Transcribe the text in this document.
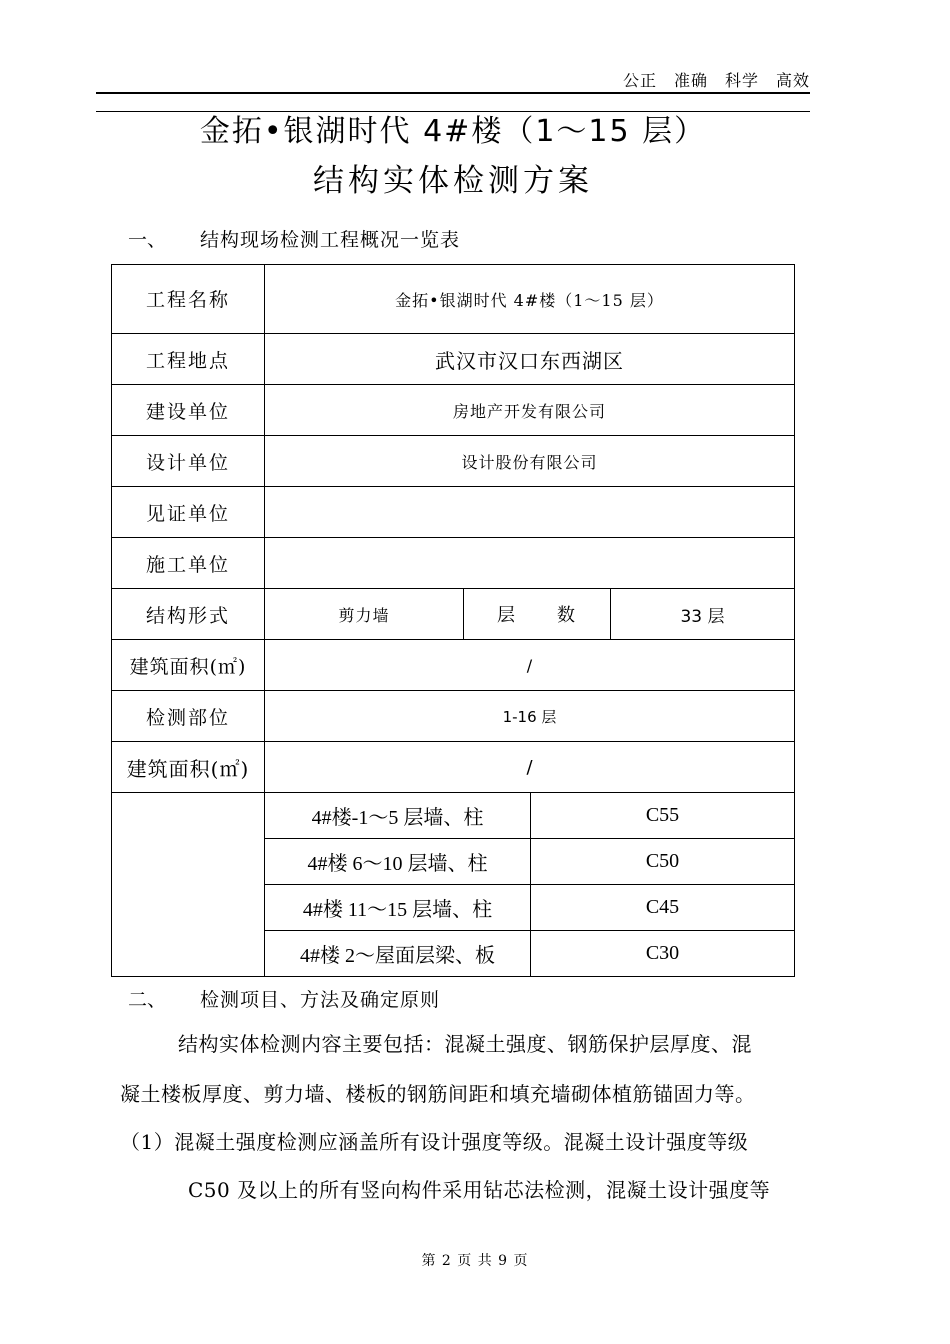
公正　准确　科学　高效
金拓•银湖时代 4#楼（1～15 层）
结构实体检测方案
一、 结构现场检测工程概况一览表
工程名称	金拓•银湖时代 4#楼（1～15 层）			
工程地点	武汉市汉口东西湖区			
建设单位	房地产开发有限公司			
设计单位	设计股份有限公司			
见证单位				
施工单位				
结构形式	剪力墙	层　　数		33 层
建筑面积(㎡)	/			
检测部位	1-16 层			
建筑面积(㎡)	/			
	4#楼-1～5 层墙、柱		C55	
	4#楼 6～10 层墙、柱		C50	
	4#楼 11～15 层墙、柱		C45	
	4#楼 2～屋面层梁、板		C30	
二、 检测项目、方法及确定原则
结构实体检测内容主要包括：混凝土强度、钢筋保护层厚度、混
凝土楼板厚度、剪力墙、楼板的钢筋间距和填充墙砌体植筋锚固力等。
（1）混凝土强度检测应涵盖所有设计强度等级。混凝土设计强度等级
C50 及以上的所有竖向构件采用钻芯法检测，混凝土设计强度等
第 2 页 共 9 页
